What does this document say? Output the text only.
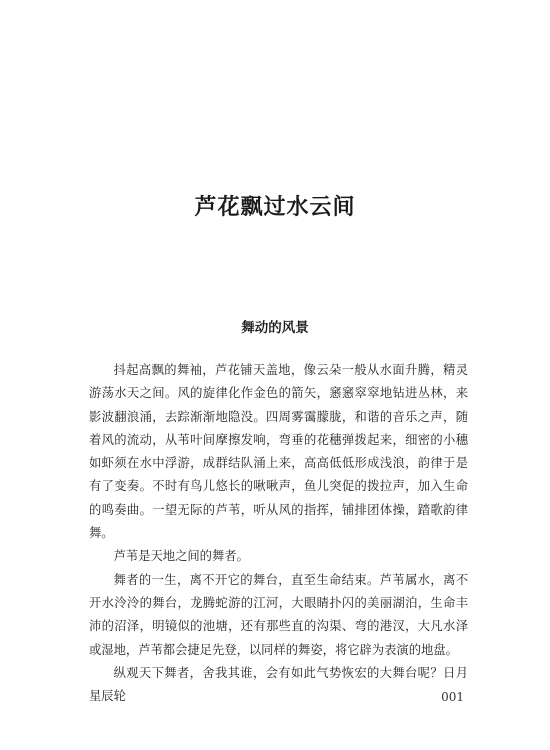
芦花飘过水云间
舞动的风景

抖起高飘的舞袖，芦花铺天盖地，像云朵一般从水面升腾，精灵游荡水天之间。风的旋律化作金色的箭矢，窸窸窣窣地钻进丛林，来影波翻浪涌，去踪渐渐地隐没。四周雾霭朦胧，和谐的音乐之声，随着风的流动，从苇叶间摩擦发响，弯垂的花穗弹拨起来，细密的小穗如虾须在水中浮游，成群结队涌上来，高高低低形成浅浪，韵律于是有了变奏。不时有鸟儿悠长的啾啾声，鱼儿突促的拨拉声，加入生命的鸣奏曲。一望无际的芦苇，听从风的指挥，铺排团体操，踏歌韵律舞。

芦苇是天地之间的舞者。

舞者的一生，离不开它的舞台，直至生命结束。芦苇属水，离不开水泠泠的舞台，龙腾蛇游的江河，大眼睛扑闪的美丽湖泊，生命丰沛的沼泽，明镜似的池塘，还有那些直的沟渠、弯的港汊，大凡水泽或湿地，芦苇都会捷足先登，以同样的舞姿，将它辟为表演的地盘。

纵观天下舞者，舍我其谁，会有如此气势恢宏的大舞台呢？日月星辰轮	001
